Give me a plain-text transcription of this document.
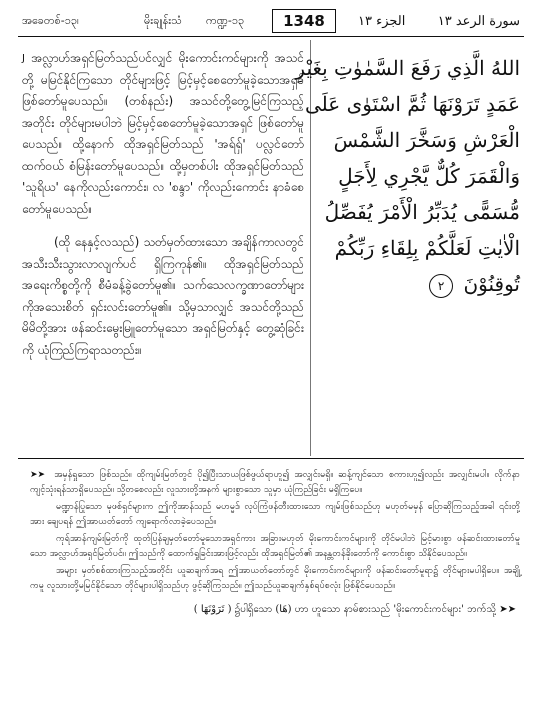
အခေတစ်-၁၃၊	မိုးချုန်းသံ ကဏ္ဍ-၁၃	1348	الجزء ١٣ سورة الرعد ١٣

$^J$ အလ္လာဟ်အရှင်မြတ်သည်ပင်လျှင် မိုးကောင်းကင်များကို အသင်တို့ မမြင်နိုင်ကြသော တိုင်များဖြင့် မြင့်မှင့်စေတော်မူခဲ့သောအရှင် ဖြစ်တော်မူပေသည်။ (တစ်နည်း) အသင်တို့တွေ့မြင်ကြသည့်အတိုင်း တိုင်များမပါဘဲ မြင့်မှင့်စေတော်မူခဲ့သောအရှင် ဖြစ်တော်မူပေသည်။ ထို့နောက် ထိုအရှင်မြတ်သည် 'အရ်ရှ်' ပလ္လင်တော်ထက်ဝယ် စံမြန်းတော်မူပေသည်။ ထို့မှတစ်ပါး ထိုအရှင်မြတ်သည် 'သူရိယ' နေကိုလည်းကောင်း၊ လ 'စန္ဒာ' ကိုလည်းကောင်း နာခံစေတော်မူပေသည်။

(ထို နေနှင့်လသည်) သတ်မှတ်ထားသော အချိန်ကာလတွင် အသီးသီးသွားလာလျက်ပင် ရှိကြကုန်၏။ ထိုအရှင်မြတ်သည် အရေးကိစ္စတို့ကို စီမံခန့်ခွဲတော်မူ၏။ သက်သေလက္ခဏာတော်များကိုအသေးစိတ် ရှင်းလင်းတော်မူ၏။ သို့မှသာလျှင် အသင်တို့သည် မိမိတို့အား ဖန်ဆင်းမွေးမြူတော်မူသော အရှင်မြတ်နှင့် တွေ့ဆုံခြင်းကို ယုံကြည်ကြရာသတည်း။

اللهُ الَّذِي رَفَعَ السَّمٰوٰتِ بِغَيْرِ
عَمَدٍ تَرَوْنَهَا ثُمَّ اسْتَوٰى عَلَى
الْعَرْشِ وَسَخَّرَ الشَّمْسَ
وَالْقَمَرَ كُلٌّ يَّجْرِي لِأَجَلٍ
مُّسَمًّى يُدَبِّرُ الْأَمْرَ يُفَصِّلُ
الْاٰيٰتِ لَعَلَّكُمْ بِلِقَاءِ رَبِّكُمْ
تُوقِنُوْنَ ٢

➤➤ အမှန်ရှုသော ဖြစ်သည်။ ထိုကျမ်းမြတ်တွင် ပို၍ပြီးသာယဖြစ်ဖွယ်ရာဟူ၍ အလျှင်းမရှိ။ ဆန့်ကျင်သော စကားဟူ၍လည်း အလျှင်းမပါ။ လိုက်နာကျင့်သုံးရန်သာရှိပေသည်။ သို့တစေလည်း လူသားတို့အနက် များစွာသော သူမှာ ယုံကြည်ခြင်း မရှိကြပေ။

မဏ္ဍာန်ပြုသော မုဖစ်ရှင်များက ဤကိုအာန်သည် မဟမ္မဒ် လုပ်ကြံဖန်တီးထားသော ကျမ်းဖြစ်သည်ဟု မဟုတ်မမှန် ပြောဆိုကြသည့်အခါ ၎င်းတို့အား ချေပရန် ဤအာယတ်တော် ကျရောက်လာခဲ့ပေသည်။

ကုရ်အာန်ကျမ်းမြတ်ကို ထုတ်ပြန်ချမှတ်တော်မူသောအရှင်ကား အခြားမဟုတ် မိုးကောင်းကင်များကို တိုင်မပါဘဲ မြင့်မားစွာ ဖန်ဆင်းထားတော်မူသော အလ္လာဟ်အရှင်မြတ်ပင်။ ဤသည်ကို ထောက်ရှုခြင်းအားဖြင့်လည်း ထိုအရှင်မြတ်၏ အနန္တတန်ခိုးတော်ကို ကောင်းစွာ သိနိုင်ပေသည်။

အများ မှတ်စစ်ထားကြသည့်အတိုင်း ယူဆချက်အရ ဤအာယတ်တော်တွင် မိုးကောင်းကင်များကို ဖန်ဆင်းတော်မူရာ၌ တိုင်များမပါရှိပေ။ အချို့ကမူ လူသားတို့မမြင်နိုင်သော တိုင်များပါရှိသည်ဟု ဖွင့်ဆိုကြသည်။ ဤသည်ယူဆချက်နှစ်ရပ်စလုံး ဖြစ်နိုင်ပေသည်။

( تَرَوْنَهَا ) ၌ပါရှိသော (هَا) ဟာ ဟူသော နာမ်စားသည် 'မိုးကောင်းကင်များ' ဘက်သို့ ➤➤
